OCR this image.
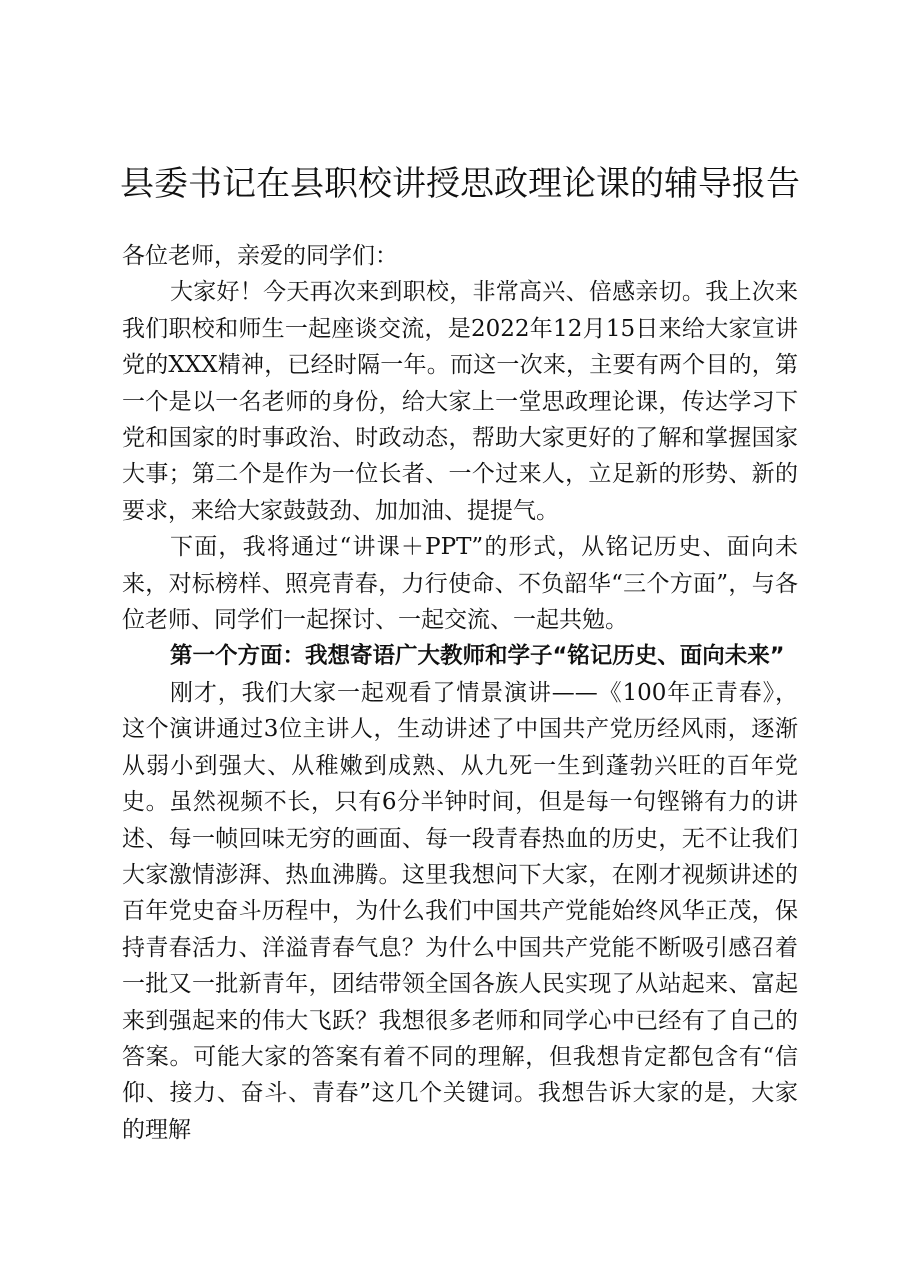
县委书记在县职校讲授思政理论课的辅导报告

各位老师，亲爱的同学们：

大家好！今天再次来到职校，非常高兴、倍感亲切。我上次来我们职校和师生一起座谈交流，是2022年12月15日来给大家宣讲党的XXX精神，已经时隔一年。而这一次来，主要有两个目的，第一个是以一名老师的身份，给大家上一堂思政理论课，传达学习下党和国家的时事政治、时政动态，帮助大家更好的了解和掌握国家大事；第二个是作为一位长者、一个过来人，立足新的形势、新的要求，来给大家鼓鼓劲、加加油、提提气。

下面，我将通过“讲课＋PPT”的形式，从铭记历史、面向未来，对标榜样、照亮青春，力行使命、不负韶华“三个方面”，与各位老师、同学们一起探讨、一起交流、一起共勉。

第一个方面：我想寄语广大教师和学子“铭记历史、面向未来”

刚才，我们大家一起观看了情景演讲——《100年正青春》，这个演讲通过3位主讲人，生动讲述了中国共产党历经风雨，逐渐从弱小到强大、从稚嫩到成熟、从九死一生到蓬勃兴旺的百年党史。虽然视频不长，只有6分半钟时间，但是每一句铿锵有力的讲述、每一帧回味无穷的画面、每一段青春热血的历史，无不让我们大家激情澎湃、热血沸腾。这里我想问下大家，在刚才视频讲述的百年党史奋斗历程中，为什么我们中国共产党能始终风华正茂，保持青春活力、洋溢青春气息？为什么中国共产党能不断吸引感召着一批又一批新青年，团结带领全国各族人民实现了从站起来、富起来到强起来的伟大飞跃？我想很多老师和同学心中已经有了自己的答案。可能大家的答案有着不同的理解，但我想肯定都包含有“信仰、接力、奋斗、青春”这几个关键词。我想告诉大家的是，大家的理解
